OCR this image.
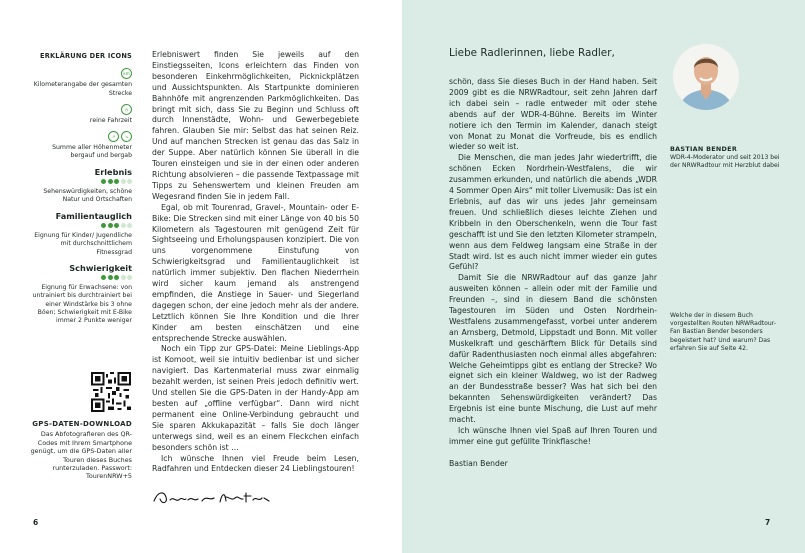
ERKLÄRUNG DER ICONS
km
Kilometerangabe der gesamten Strecke
◷
reine Fahrzeit
↗ ↘
Summe aller Höhenmeter bergauf und bergab
Erlebnis

Sehenswürdigkeiten, schöne Natur und Ortschaften
Familientauglich

Eignung für Kinder/ Jugendliche mit durchschnittlichem Fitnessgrad
Schwierigkeit

Eignung für Erwachsene: von untrainiert bis durchtrainiert bei einer Windstärke bis 3 ohne Böen; Schwierigkeit mit E-Bike immer 2 Punkte weniger
GPS-DATEN-DOWNLOAD
Das Abfotografieren des QR-Codes mit Ihrem Smartphone genügt, um die GPS-Daten aller Touren dieses Buches runterzuladen. Passwort: TourenNRW+5

Erlebniswert finden Sie jeweils auf den Einstiegsseiten, Icons erleichtern das Finden von besonderen Einkehrmöglichkeiten, Picknickplätzen und Aussichtspunkten. Als Startpunkte dominieren Bahnhöfe mit angrenzenden Parkmöglichkeiten. Das bringt mit sich, dass Sie zu Beginn und Schluss oft durch Innenstädte, Wohn- und Gewerbegebiete fahren. Glauben Sie mir: Selbst das hat seinen Reiz. Und auf manchen Strecken ist genau das das Salz in der Suppe. Aber natürlich können Sie überall in die Touren einsteigen und sie in der einen oder anderen Richtung absolvieren – die passende Textpassage mit Tipps zu Sehenswertem und kleinen Freuden am Wegesrand finden Sie in jedem Fall.

Egal, ob mit Tourenrad, Gravel-, Mountain- oder E-Bike: Die Strecken sind mit einer Länge von 40 bis 50 Kilometern als Tagestouren mit genügend Zeit für Sightseeing und Erholungspausen konzipiert. Die von uns vorgenommene Einstufung von Schwierigkeitsgrad und Familientauglichkeit ist natürlich immer subjektiv. Den flachen Niederrhein wird sicher kaum jemand als anstrengend empfinden, die Anstiege in Sauer- und Siegerland dagegen schon, der eine jedoch mehr als der andere. Letztlich können Sie Ihre Kondition und die Ihrer Kinder am besten einschätzen und eine entsprechende Strecke auswählen.

Noch ein Tipp zur GPS-Datei: Meine Lieblings-App ist Komoot, weil sie intuitiv bedienbar ist und sicher navigiert. Das Kartenmaterial muss zwar einmalig bezahlt werden, ist seinen Preis jedoch definitiv wert. Und stellen Sie die GPS-Daten in der Handy-App am besten auf „offline verfügbar“. Dann wird nicht permanent eine Online-Verbindung gebraucht und Sie sparen Akkukapazität – falls Sie doch länger unterwegs sind, weil es an einem Fleckchen einfach besonders schön ist …

Ich wünsche Ihnen viel Freude beim Lesen, Radfahren und Entdecken dieser 24 Lieblingstouren!

6
Liebe Radlerinnen, liebe Radler,

schön, dass Sie dieses Buch in der Hand haben. Seit 2009 gibt es die NRWRadtour, seit zehn Jahren darf ich dabei sein – radle entweder mit oder stehe abends auf der WDR-4-Bühne. Bereits im Winter notiere ich den Termin im Kalender, danach steigt von Monat zu Monat die Vorfreude, bis es endlich wieder so weit ist.

Die Menschen, die man jedes Jahr wiedertrifft, die schönen Ecken Nordrhein-Westfalens, die wir zusammen erkunden, und natürlich die abends „WDR 4 Sommer Open Airs“ mit toller Livemusik: Das ist ein Erlebnis, auf das wir uns jedes Jahr gemeinsam freuen. Und schließlich dieses leichte Ziehen und Kribbeln in den Oberschenkeln, wenn die Tour fast geschafft ist und Sie den letzten Kilometer strampeln, wenn aus dem Feldweg langsam eine Straße in der Stadt wird. Ist es auch nicht immer wieder ein gutes Gefühl?

Damit Sie die NRWRadtour auf das ganze Jahr ausweiten können – allein oder mit der Familie und Freunden –, sind in diesem Band die schönsten Tagestouren im Süden und Osten Nordrhein-Westfalens zusammengefasst, vorbei unter anderem an Arnsberg, Detmold, Lippstadt und Bonn. Mit voller Muskelkraft und geschärftem Blick für Details sind dafür Radenthusiasten noch einmal alles abgefahren: Welche Geheimtipps gibt es entlang der Strecke? Wo eignet sich ein kleiner Waldweg, wo ist der Radweg an der Bundesstraße besser? Was hat sich bei den bekannten Sehenswürdigkeiten verändert? Das Ergebnis ist eine bunte Mischung, die Lust auf mehr macht.

Ich wünsche Ihnen viel Spaß auf Ihren Touren und immer eine gut gefüllte Trinkflasche!

Bastian Bender

BASTIAN BENDER
WDR-4-Moderator und seit 2013 bei der NRWRadtour mit Herzblut dabei
Welche der in diesem Buch vorgestellten Routen NRWRadtour-Fan Bastian Bender besonders begeistert hat? Und warum? Das erfahren Sie auf Seite 42.
7
